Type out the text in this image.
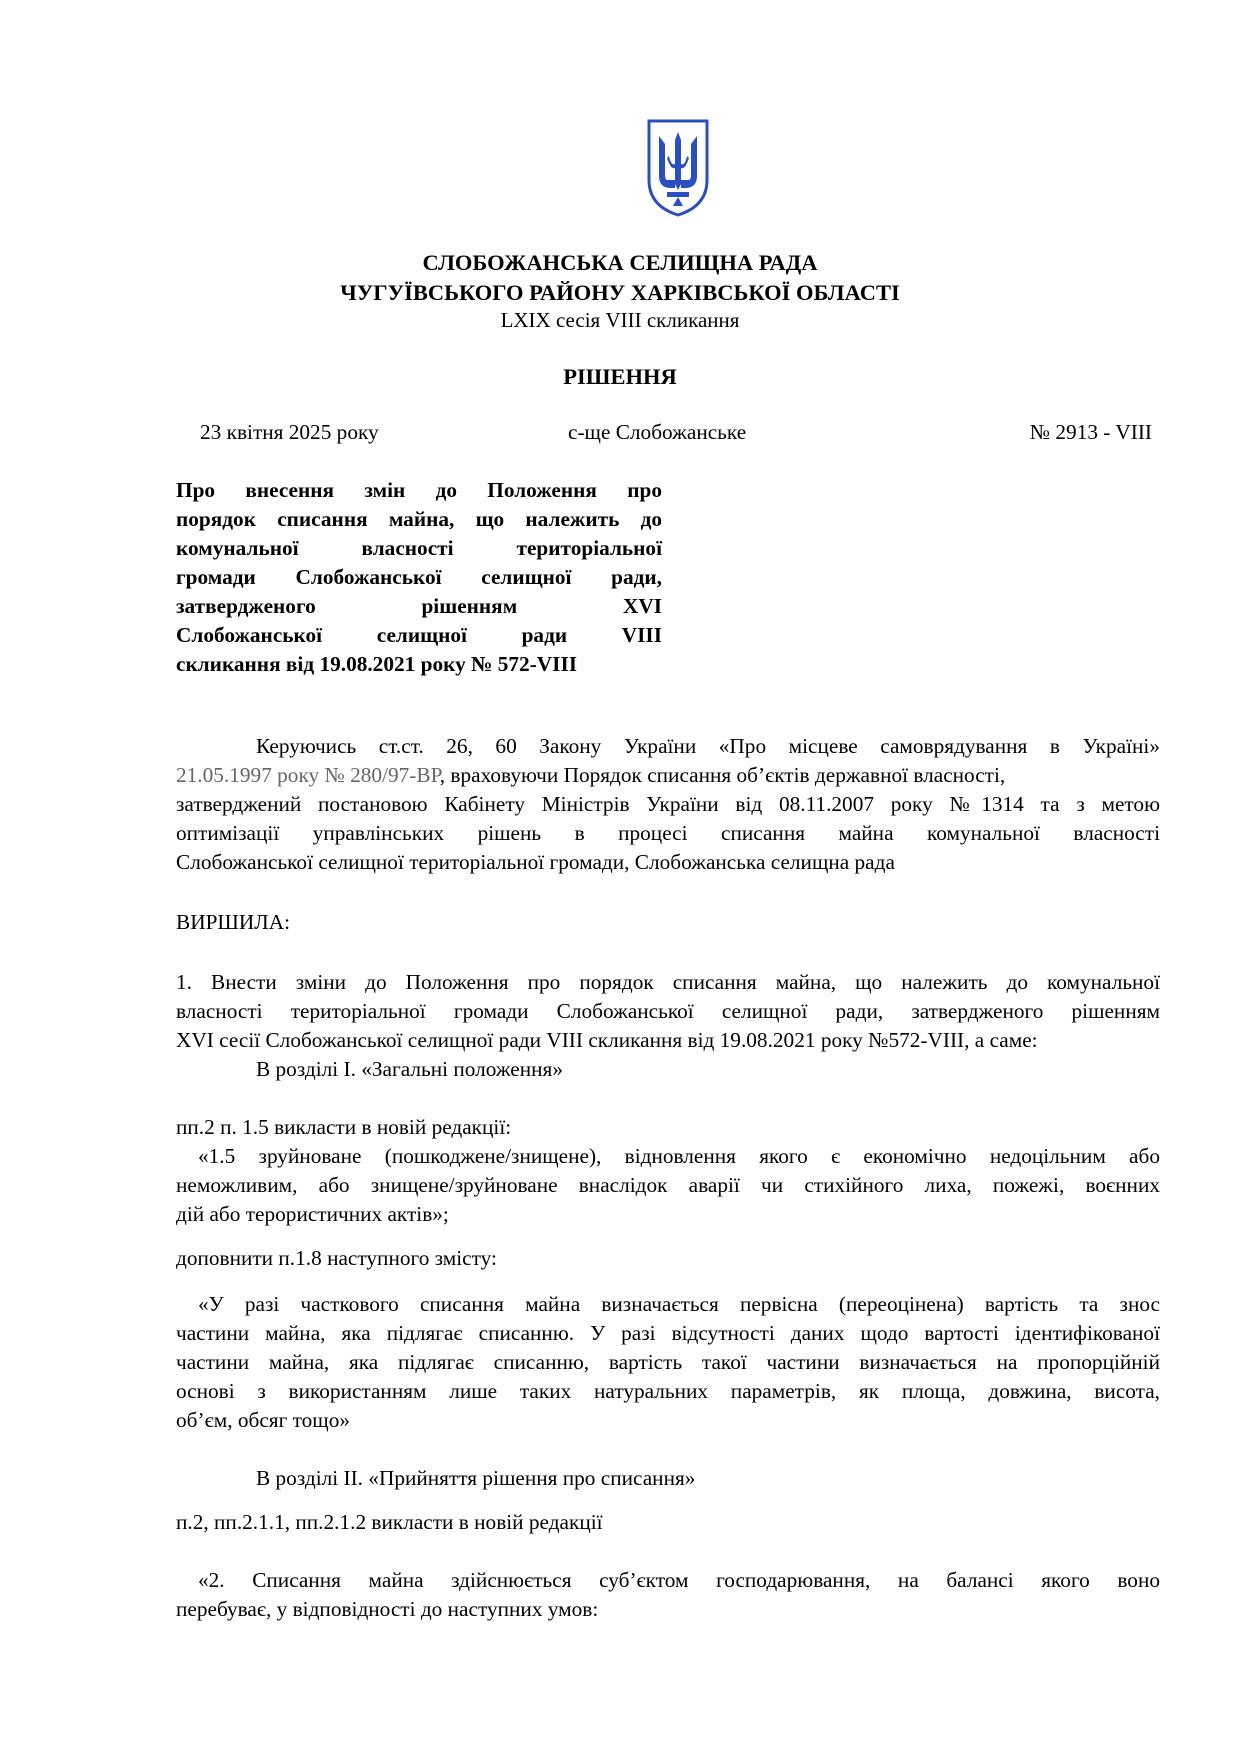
СЛОБОЖАНСЬКА СЕЛИЩНА РАДА
ЧУГУЇВСЬКОГО РАЙОНУ ХАРКІВСЬКОЇ ОБЛАСТІ
LXIX сесія VIII скликання
РІШЕННЯ
23 квітня 2025 року	с-ще Слобожанське	№ 2913 - VIII
Про внесення змін до Положення про
порядок списання майна, що належить до
комунальної власності територіальної
громади Слобожанської селищної ради,
затвердженого рішенням XVI
Слобожанської селищної ради VIII
скликання від 19.08.2021 року № 572-VIII
Керуючись ст.ст. 26, 60 Закону України «Про місцеве самоврядування в Україні»
21.05.1997 року № 280/97-ВР, враховуючи Порядок списання об’єктів державної власності,
затверджений постановою Кабінету Міністрів України від 08.11.2007 року №1314 та з метою
оптимізації управлінських рішень в процесі списання майна комунальної власності
Слобожанської селищної територіальної громади, Слобожанська селищна рада
ВИРШИЛА:
1. Внести зміни до Положення про порядок списання майна, що належить до комунальної
власності територіальної громади Слобожанської селищної ради, затвердженого рішенням
XVI сесії Слобожанської селищної ради VIII скликання від 19.08.2021 року №572-VIII, а саме:
В розділі І. «Загальні положення»
пп.2 п. 1.5 викласти в новій редакції:
«1.5 зруйноване (пошкоджене/знищене), відновлення якого є економічно недоцільним або
неможливим, або знищене/зруйноване внаслідок аварії чи стихійного лиха, пожежі, воєнних
дій або терористичних актів»;
доповнити п.1.8 наступного змісту:
«У разі часткового списання майна визначається первісна (переоцінена) вартість та знос
частини майна, яка підлягає списанню. У разі відсутності даних щодо вартості ідентифікованої
частини майна, яка підлягає списанню, вартість такої частини визначається на пропорційній
основі з використанням лише таких натуральних параметрів, як площа, довжина, висота,
об’єм, обсяг тощо»
В розділі ІІ. «Прийняття рішення про списання»
п.2, пп.2.1.1, пп.2.1.2 викласти в новій редакції
«2. Списання майна здійснюється суб’єктом господарювання, на балансі якого воно
перебуває, у відповідності до наступних умов:
